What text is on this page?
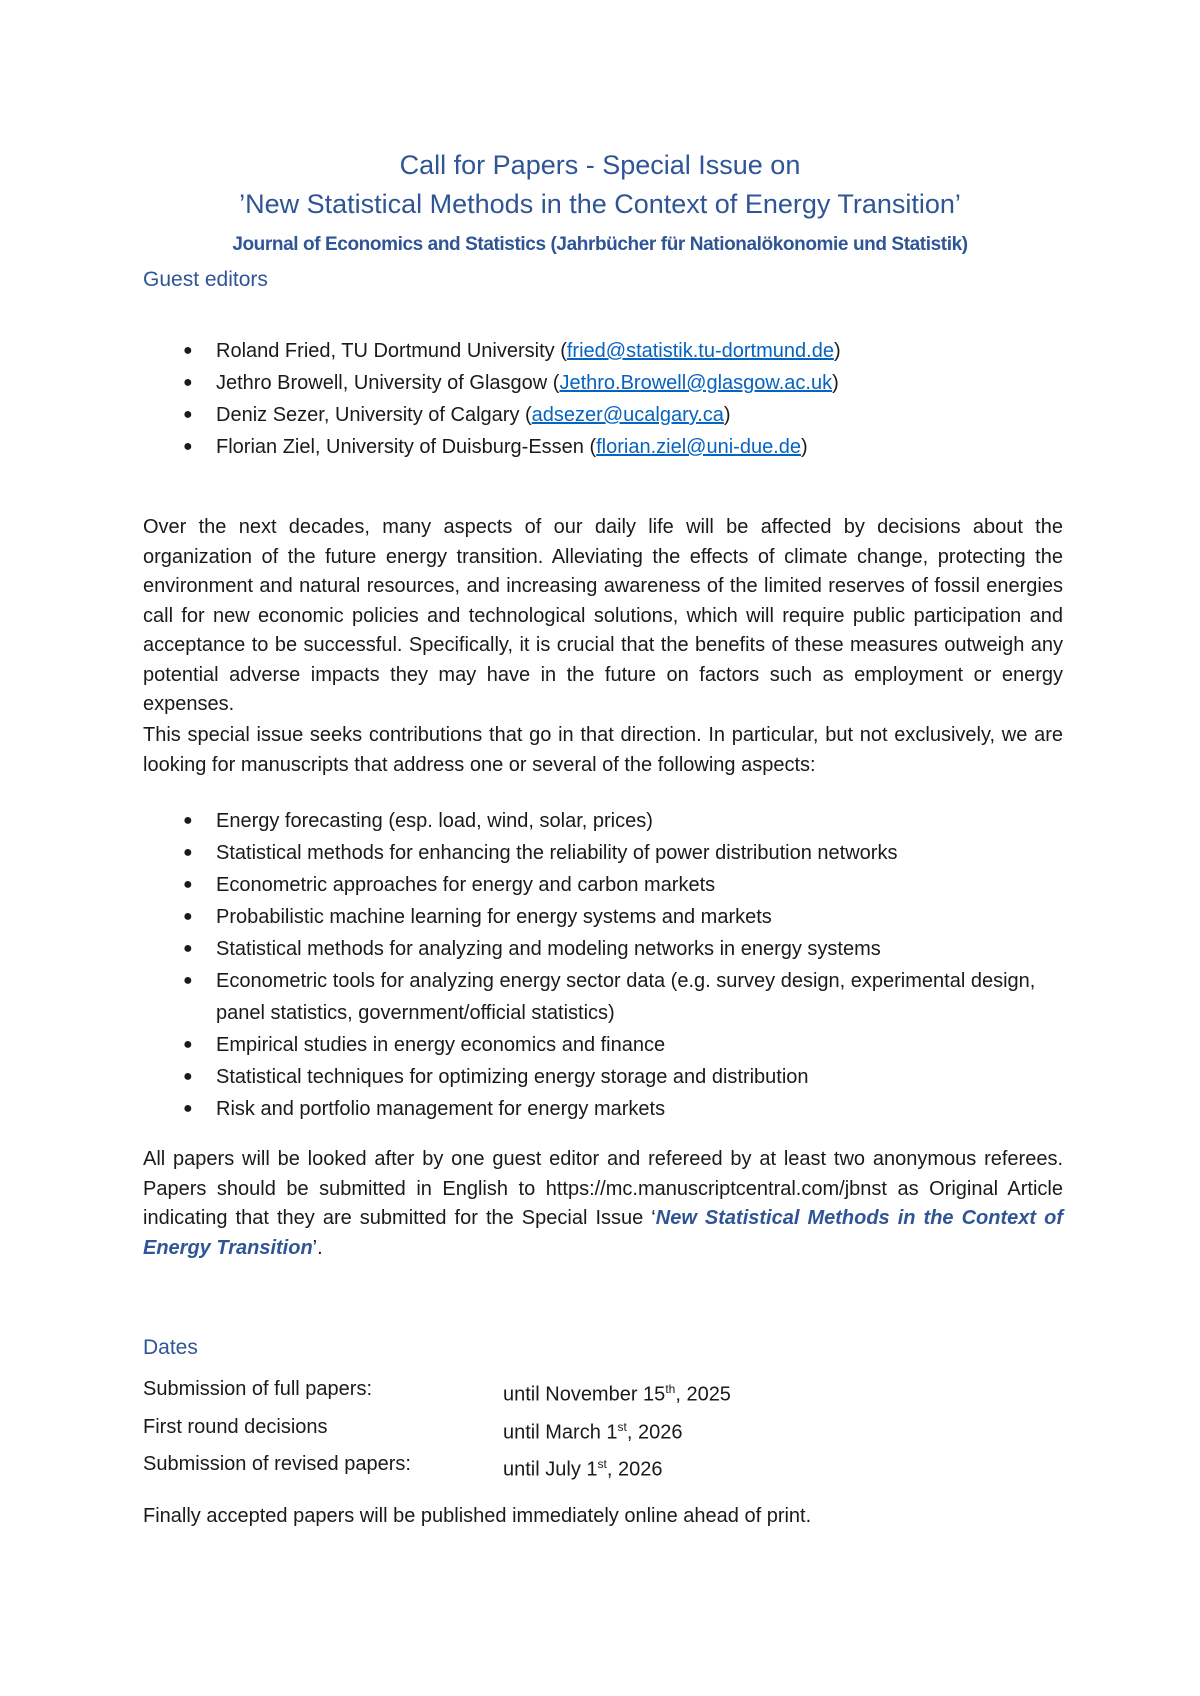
Call for Papers - Special Issue on
’New Statistical Methods in the Context of Energy Transition’
Journal of Economics and Statistics (Jahrbücher für Nationalökonomie und Statistik)
Guest editors
● Roland Fried, TU Dortmund University (fried@statistik.tu-dortmund.de)
● Jethro Browell, University of Glasgow (Jethro.Browell@glasgow.ac.uk)
● Deniz Sezer, University of Calgary (adsezer@ucalgary.ca)
● Florian Ziel, University of Duisburg-Essen (florian.ziel@uni-due.de)

Over the next decades, many aspects of our daily life will be affected by decisions about the organization of the future energy transition. Alleviating the effects of climate change, protecting the environment and natural resources, and increasing awareness of the limited reserves of fossil energies call for new economic policies and technological solutions, which will require public participation and acceptance to be successful. Specifically, it is crucial that the benefits of these measures outweigh any potential adverse impacts they may have in the future on factors such as employment or energy expenses.

This special issue seeks contributions that go in that direction. In particular, but not exclusively, we are looking for manuscripts that address one or several of the following aspects:

● Energy forecasting (esp. load, wind, solar, prices)
● Statistical methods for enhancing the reliability of power distribution networks
● Econometric approaches for energy and carbon markets
● Probabilistic machine learning for energy systems and markets
● Statistical methods for analyzing and modeling networks in energy systems
● Econometric tools for analyzing energy sector data (e.g. survey design, experimental design, panel statistics, government/official statistics)
● Empirical studies in energy economics and finance
● Statistical techniques for optimizing energy storage and distribution
● Risk and portfolio management for energy markets

All papers will be looked after by one guest editor and refereed by at least two anonymous referees. Papers should be submitted in English to https://mc.manuscriptcentral.com/jbnst as Original Article indicating that they are submitted for the Special Issue ‘New Statistical Methods in the Context of Energy Transition’.

Dates
Submission of full papers:	until November 15th, 2025
First round decisions	until March 1st, 2026
Submission of revised papers:	until July 1st, 2026
Finally accepted papers will be published immediately online ahead of print.
